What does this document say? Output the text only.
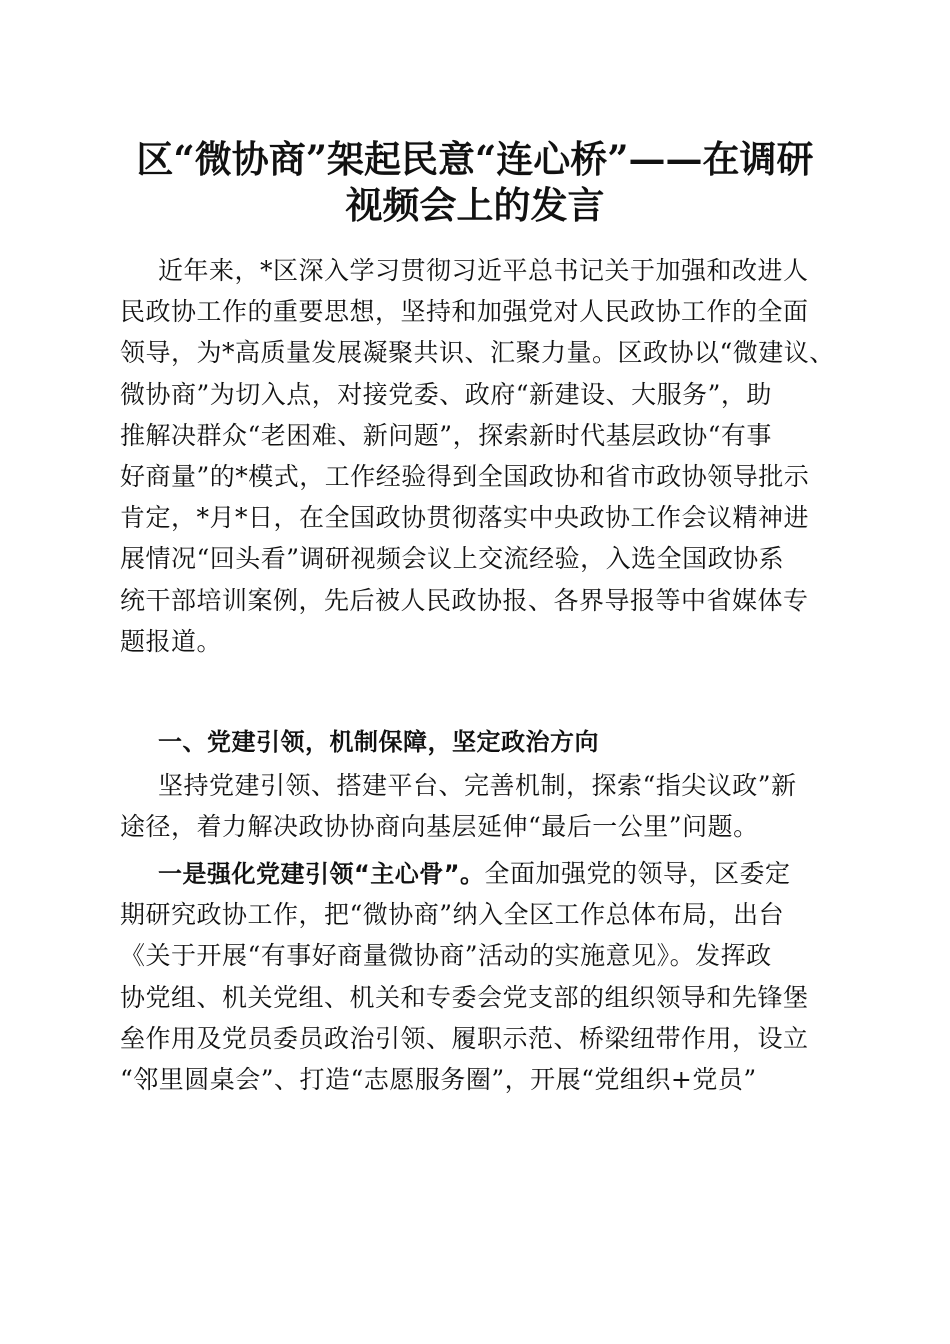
区“微协商”架起民意“连心桥”——在调研
视频会上的发言
近年来，*区深入学习贯彻习近平总书记关于加强和改进人
民政协工作的重要思想，坚持和加强党对人民政协工作的全面
领导，为*高质量发展凝聚共识、汇聚力量。区政协以“微建议、
微协商”为切入点，对接党委、政府“新建设、大服务”，助
推解决群众“老困难、新问题”，探索新时代基层政协“有事
好商量”的*模式，工作经验得到全国政协和省市政协领导批示
肯定，*月*日，在全国政协贯彻落实中央政协工作会议精神进
展情况“回头看”调研视频会议上交流经验，入选全国政协系
统干部培训案例，先后被人民政协报、各界导报等中省媒体专
题报道。
一、党建引领，机制保障，坚定政治方向
坚持党建引领、搭建平台、完善机制，探索“指尖议政”新
途径，着力解决政协协商向基层延伸“最后一公里”问题。
一是强化党建引领“主心骨”。全面加强党的领导，区委定
期研究政协工作，把“微协商”纳入全区工作总体布局，出台
《关于开展“有事好商量微协商”活动的实施意见》。发挥政
协党组、机关党组、机关和专委会党支部的组织领导和先锋堡
垒作用及党员委员政治引领、履职示范、桥梁纽带作用，设立
“邻里圆桌会”、打造“志愿服务圈”，开展“党组织+党员”
